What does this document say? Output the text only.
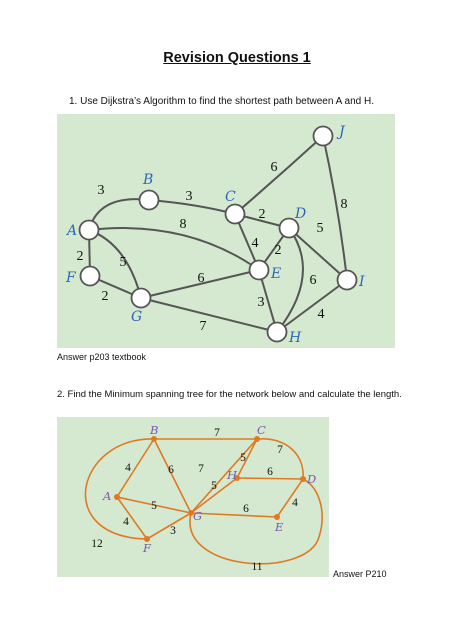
Revision Questions 1
1. Use Dijkstra’s Algorithm to find the shortest path between A and H.
3	3
8
2	5
2
6
2
4 2
5
6
8
6
7
3
4
A
B
C
D
E
F
G
H
I
J
Answer p203 textbook
2. Find the Minimum spanning tree for the network below and calculate the length.
7
4	6 7
5
7
6
4
5
5	6
4
3
12
11
A
B	C
D
E
F
G
H
Answer P210
